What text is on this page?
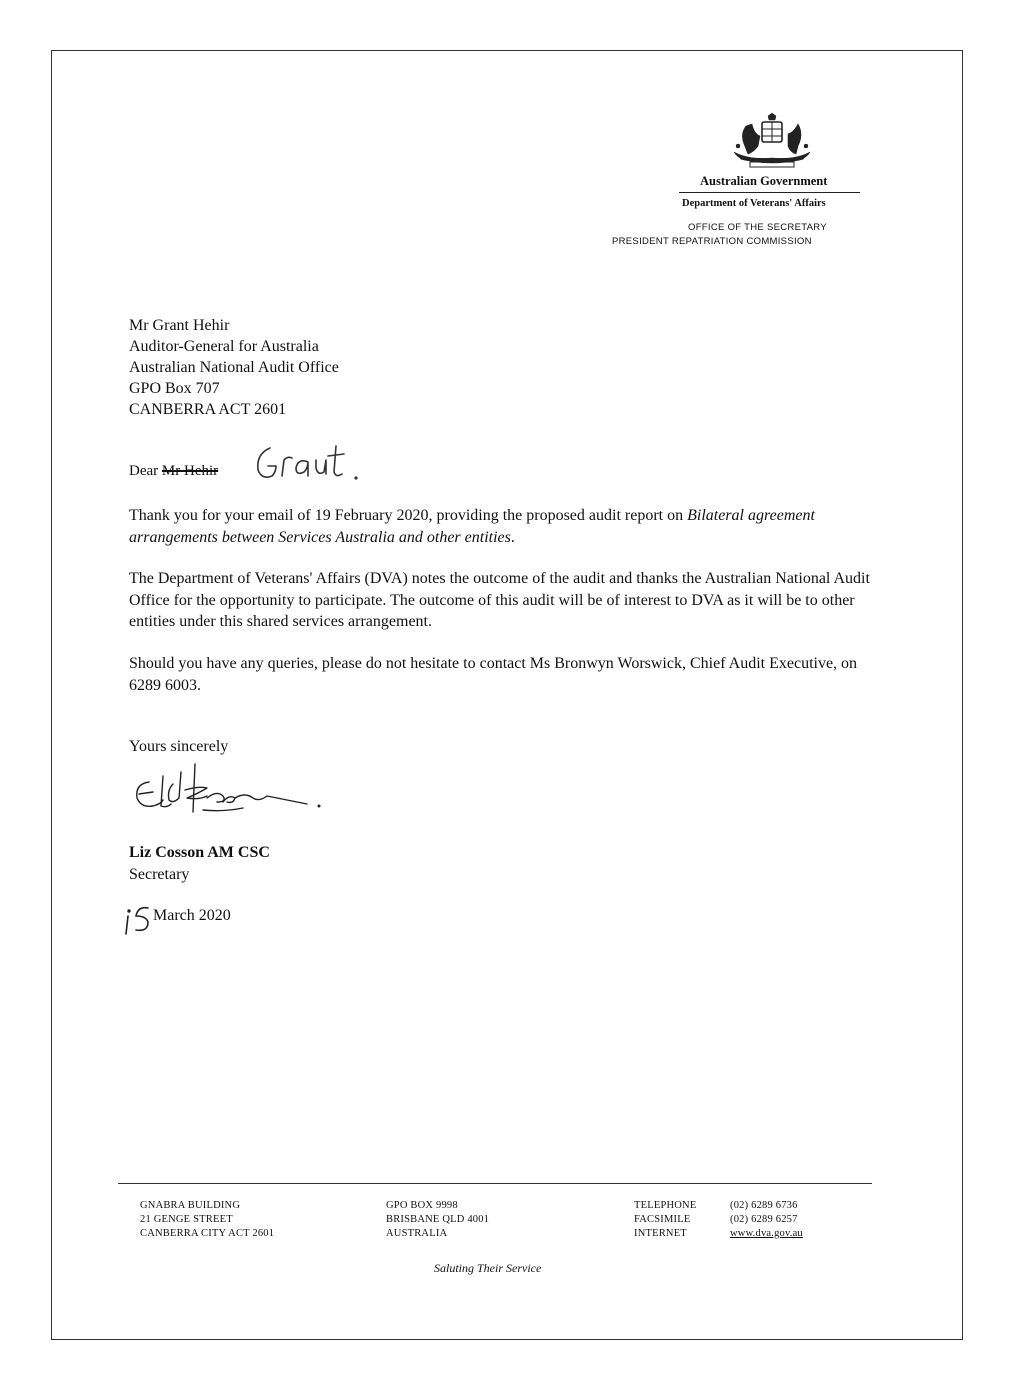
Australian Government
Department of Veterans' Affairs
OFFICE OF THE SECRETARY
PRESIDENT REPATRIATION COMMISSION
Mr Grant Hehir
Auditor-General for Australia
Australian National Audit Office
GPO Box 707
CANBERRA ACT 2601
Dear Mr Hehir
Grant.

Thank you for your email of 19 February 2020, providing the proposed audit report on Bilateral agreement arrangements between Services Australia and other entities.

The Department of Veterans' Affairs (DVA) notes the outcome of the audit and thanks the Australian National Audit Office for the opportunity to participate. The outcome of this audit will be of interest to DVA as it will be to other entities under this shared services arrangement.

Should you have any queries, please do not hesitate to contact Ms Bronwyn Worswick, Chief Audit Executive, on 6289 6003.

Yours sincerely
Liz Cosson AM CSC
Secretary
15
March 2020
GNABRA BUILDING
21 GENGE STREET
CANBERRA CITY ACT 2601
GPO BOX 9998
BRISBANE QLD 4001
AUSTRALIA
TELEPHONE
FACSIMILE
INTERNET
(02) 6289 6736
(02) 6289 6257
www.dva.gov.au
Saluting Their Service
